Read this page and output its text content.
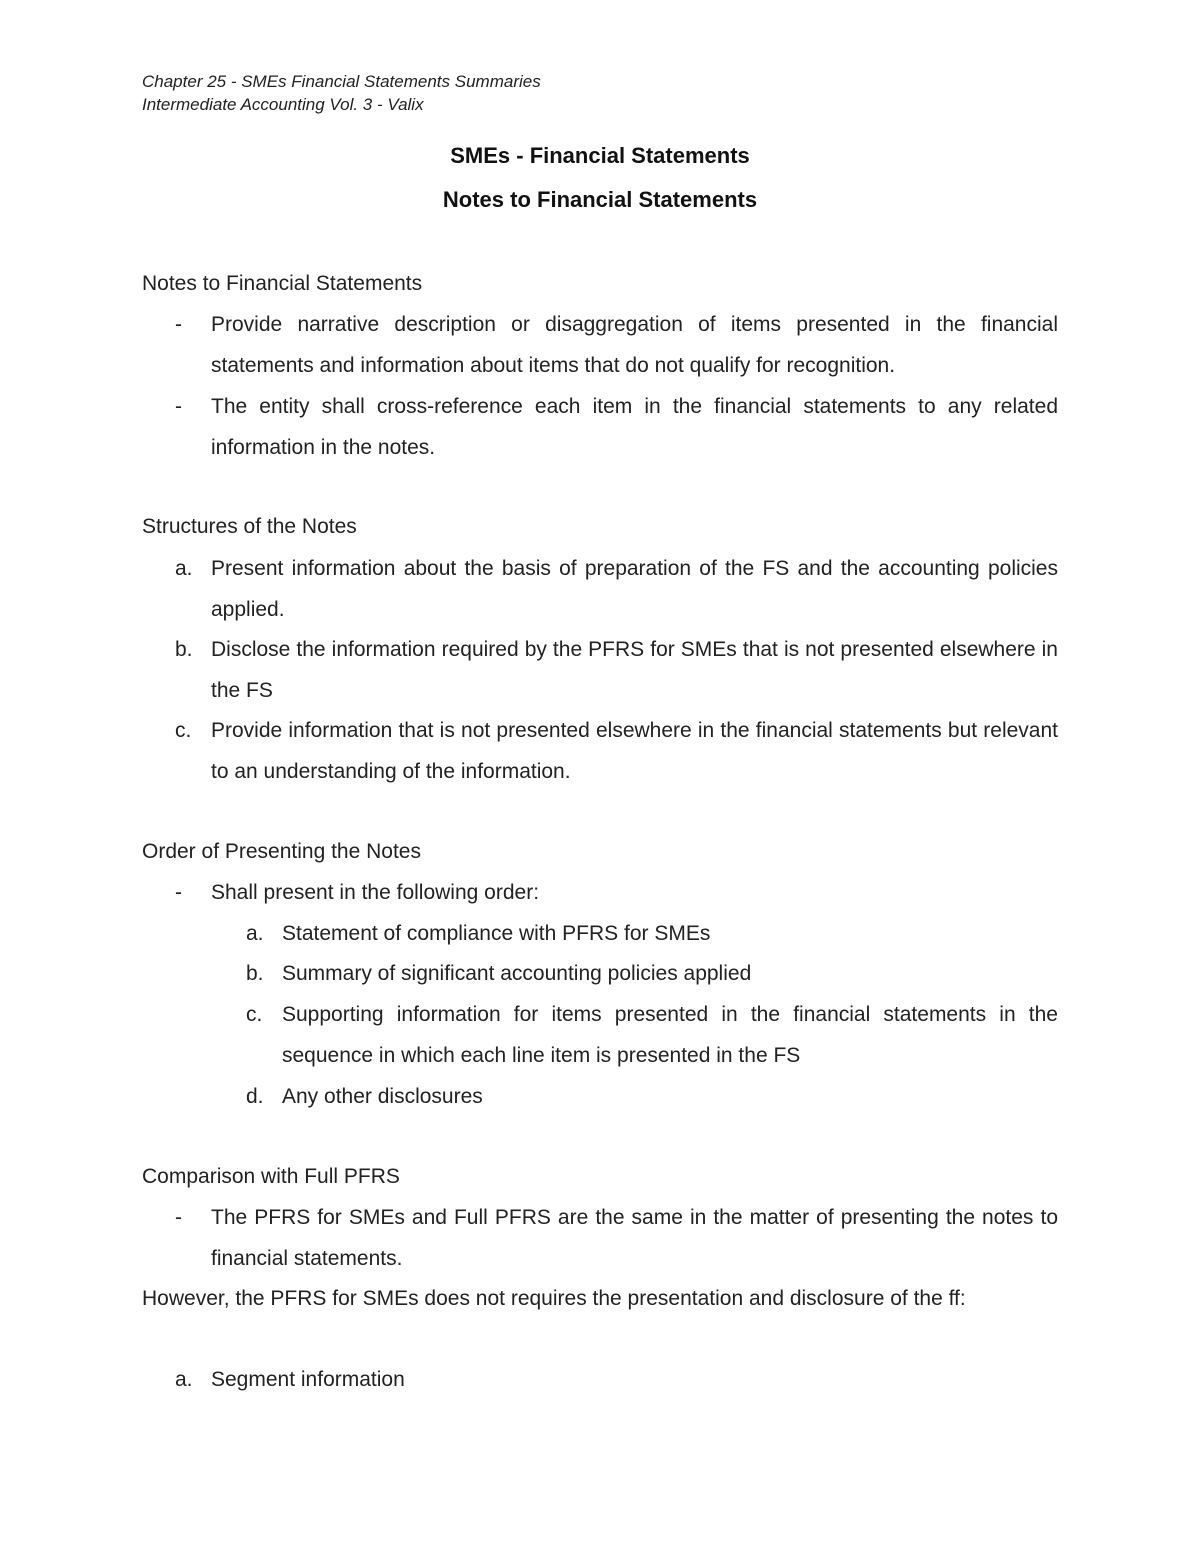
Chapter 25 - SMEs Financial Statements Summaries
Intermediate Accounting Vol. 3 - Valix
SMEs - Financial Statements
Notes to Financial Statements
Notes to Financial Statements
- Provide narrative description or disaggregation of items presented in the financial statements and information about items that do not qualify for recognition.
- The entity shall cross-reference each item in the financial statements to any related information in the notes.
Structures of the Notes
a. Present information about the basis of preparation of the FS and the accounting policies applied.
b. Disclose the information required by the PFRS for SMEs that is not presented elsewhere in the FS
c. Provide information that is not presented elsewhere in the financial statements but relevant to an understanding of the information.
Order of Presenting the Notes
- Shall present in the following order:
a. Statement of compliance with PFRS for SMEs
b. Summary of significant accounting policies applied
c. Supporting information for items presented in the financial statements in the sequence in which each line item is presented in the FS
d. Any other disclosures
Comparison with Full PFRS
- The PFRS for SMEs and Full PFRS are the same in the matter of presenting the notes to financial statements.
However, the PFRS for SMEs does not requires the presentation and disclosure of the ff:
a. Segment information
